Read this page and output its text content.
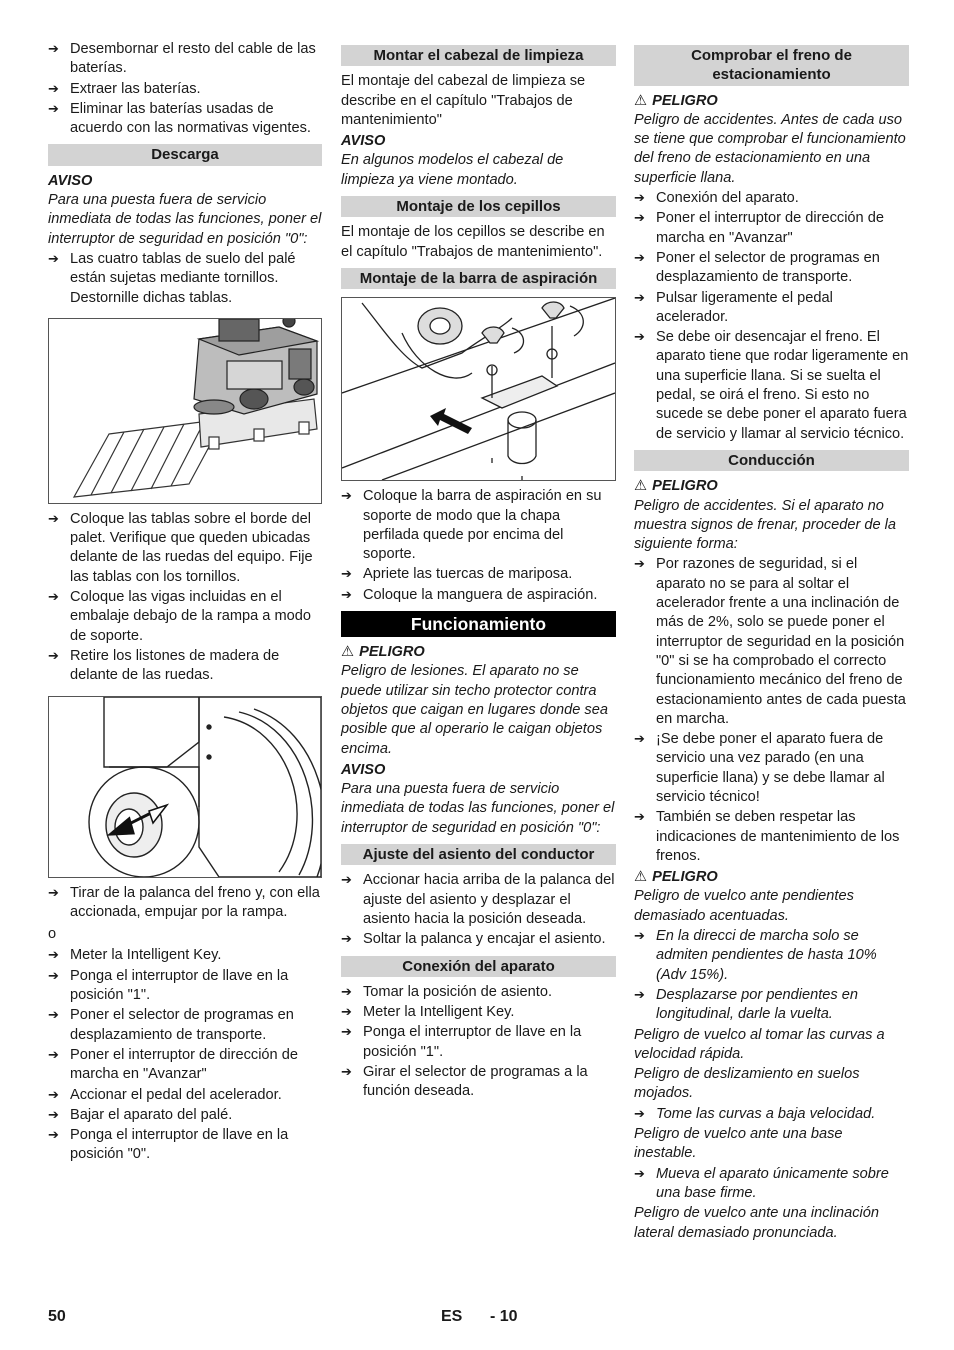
➔ Desembornar el resto del cable de las baterías.
➔ Extraer las baterías.
➔ Eliminar las baterías usadas de acuerdo con las normativas vigentes.
Descarga
AVISO

Para una puesta fuera de servicio inmediata de todas las funciones, poner el interruptor de seguridad en posición "0":

➔ Las cuatro tablas de suelo del palé están sujetas mediante tornillos. Destornille dichas tablas.
➔ Coloque las tablas sobre el borde del palet. Verifique que queden ubicadas delante de las ruedas del equipo. Fije las tablas con los tornillos.
➔ Coloque las vigas incluidas en el embalaje debajo de la rampa a modo de soporte.
➔ Retire los listones de madera de delante de las ruedas.
➔ Tirar de la palanca del freno y, con ella accionada, empujar por la rampa.

o

➔ Meter la Intelligent Key.
➔ Ponga el interruptor de llave en la posición "1".
➔ Poner el selector de programas en desplazamiento de transporte.
➔ Poner el interruptor de dirección de marcha en "Avanzar"
➔ Accionar el pedal del acelerador.
➔ Bajar el aparato del palé.
➔ Ponga el interruptor de llave en la posición "0".
Montar el cabezal de limpieza

El montaje del cabezal de limpieza se describe en el capítulo "Trabajos de mantenimiento"

AVISO

En algunos modelos el cabezal de limpieza ya viene montado.

Montaje de los cepillos

El montaje de los cepillos se describe en el capítulo "Trabajos de mantenimiento".

Montaje de la barra de aspiración
➔ Coloque la barra de aspiración en su soporte de modo que la chapa perfilada quede por encima del soporte.
➔ Apriete las tuercas de mariposa.
➔ Coloque la manguera de aspiración.
Funcionamiento
⚠ PELIGRO

Peligro de lesiones. El aparato no se puede utilizar sin techo protector contra objetos que caigan en lugares donde sea posible que al operario le caigan objetos encima.

AVISO

Para una puesta fuera de servicio inmediata de todas las funciones, poner el interruptor de seguridad en posición "0":

Ajuste del asiento del conductor
➔ Accionar hacia arriba de la palanca del ajuste del asiento y desplazar el asiento hacia la posición deseada.
➔ Soltar la palanca y encajar el asiento.
Conexión del aparato
➔ Tomar la posición de asiento.
➔ Meter la Intelligent Key.
➔ Ponga el interruptor de llave en la posición "1".
➔ Girar el selector de programas a la función deseada.
Comprobar el freno de estacionamiento
⚠ PELIGRO

Peligro de accidentes. Antes de cada uso se tiene que comprobar el funcionamiento del freno de estacionamiento en una superficie llana.

➔ Conexión del aparato.
➔ Poner el interruptor de dirección de marcha en "Avanzar"
➔ Poner el selector de programas en desplazamiento de transporte.
➔ Pulsar ligeramente el pedal acelerador.
➔ Se debe oir desencajar el freno. El aparato tiene que rodar ligeramente en una superficie llana. Si se suelta el pedal, se oirá el freno. Si esto no sucede se debe poner el aparato fuera de servicio y llamar al servicio técnico.
Conducción
⚠ PELIGRO

Peligro de accidentes. Si el aparato no muestra signos de frenar, proceder de la siguiente forma:

➔ Por razones de seguridad, si el aparato no se para al soltar el acelerador frente a una inclinación de más de 2%, solo se puede poner el interruptor de seguridad en la posición "0" si se ha comprobado el correcto funcionamiento mecánico del freno de estacionamiento antes de cada puesta en marcha.
➔ ¡Se debe poner el aparato fuera de servicio una vez parado (en una superficie llana) y se debe llamar al servicio técnico!
➔ También se deben respetar las indicaciones de mantenimiento de los frenos.
⚠ PELIGRO

Peligro de vuelco ante pendientes demasiado acentuadas.

➔ En la direcci de marcha solo se admiten pendientes de hasta 10% (Adv 15%).
➔ Desplazarse por pendientes en longitudinal, darle la vuelta.

Peligro de vuelco al tomar las curvas a velocidad rápida.

Peligro de deslizamiento en suelos mojados.

➔ Tome las curvas a baja velocidad.

Peligro de vuelco ante una base inestable.

➔ Mueva el aparato únicamente sobre una base firme.

Peligro de vuelco ante una inclinación lateral demasiado pronunciada.

50	ES - 10
